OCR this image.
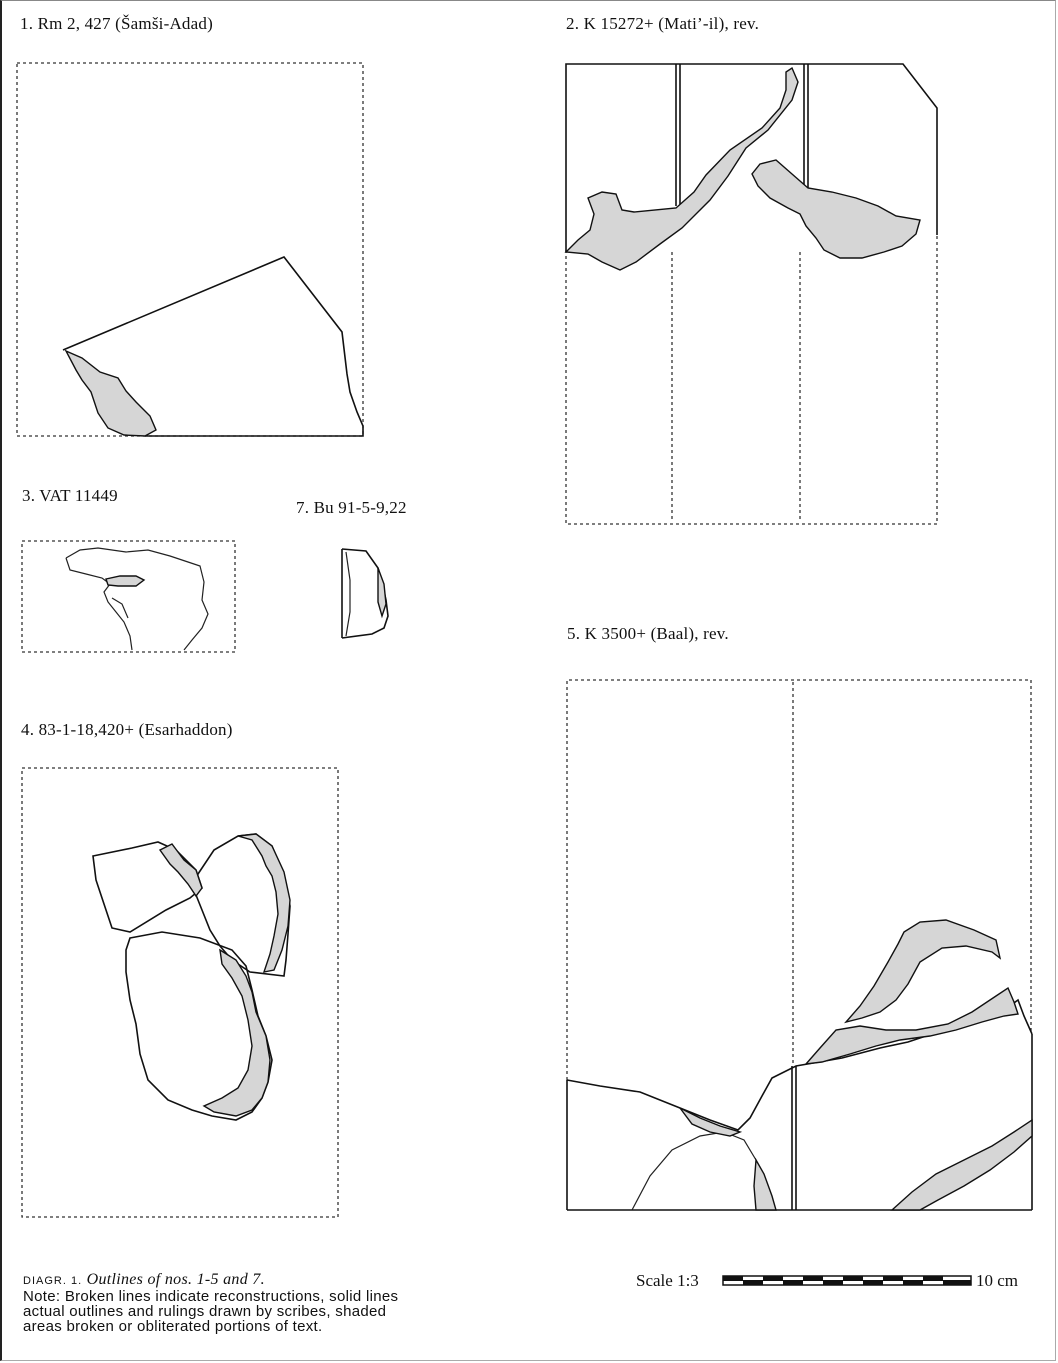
1. Rm 2, 427 (Šamši-Adad)	2. K 15272+ (Mati’-il), rev.
3. VAT 11449
7. Bu 91-5-9,22
5. K 3500+ (Baal), rev.
4. 83-1-18,420+ (Esarhaddon)
DIAGR. 1. Outlines of nos. 1-5 and 7.
Note: Broken lines indicate reconstructions, solid lines
actual outlines and rulings drawn by scribes, shaded
areas broken or obliterated portions of text.
Scale 1:3	10 cm
